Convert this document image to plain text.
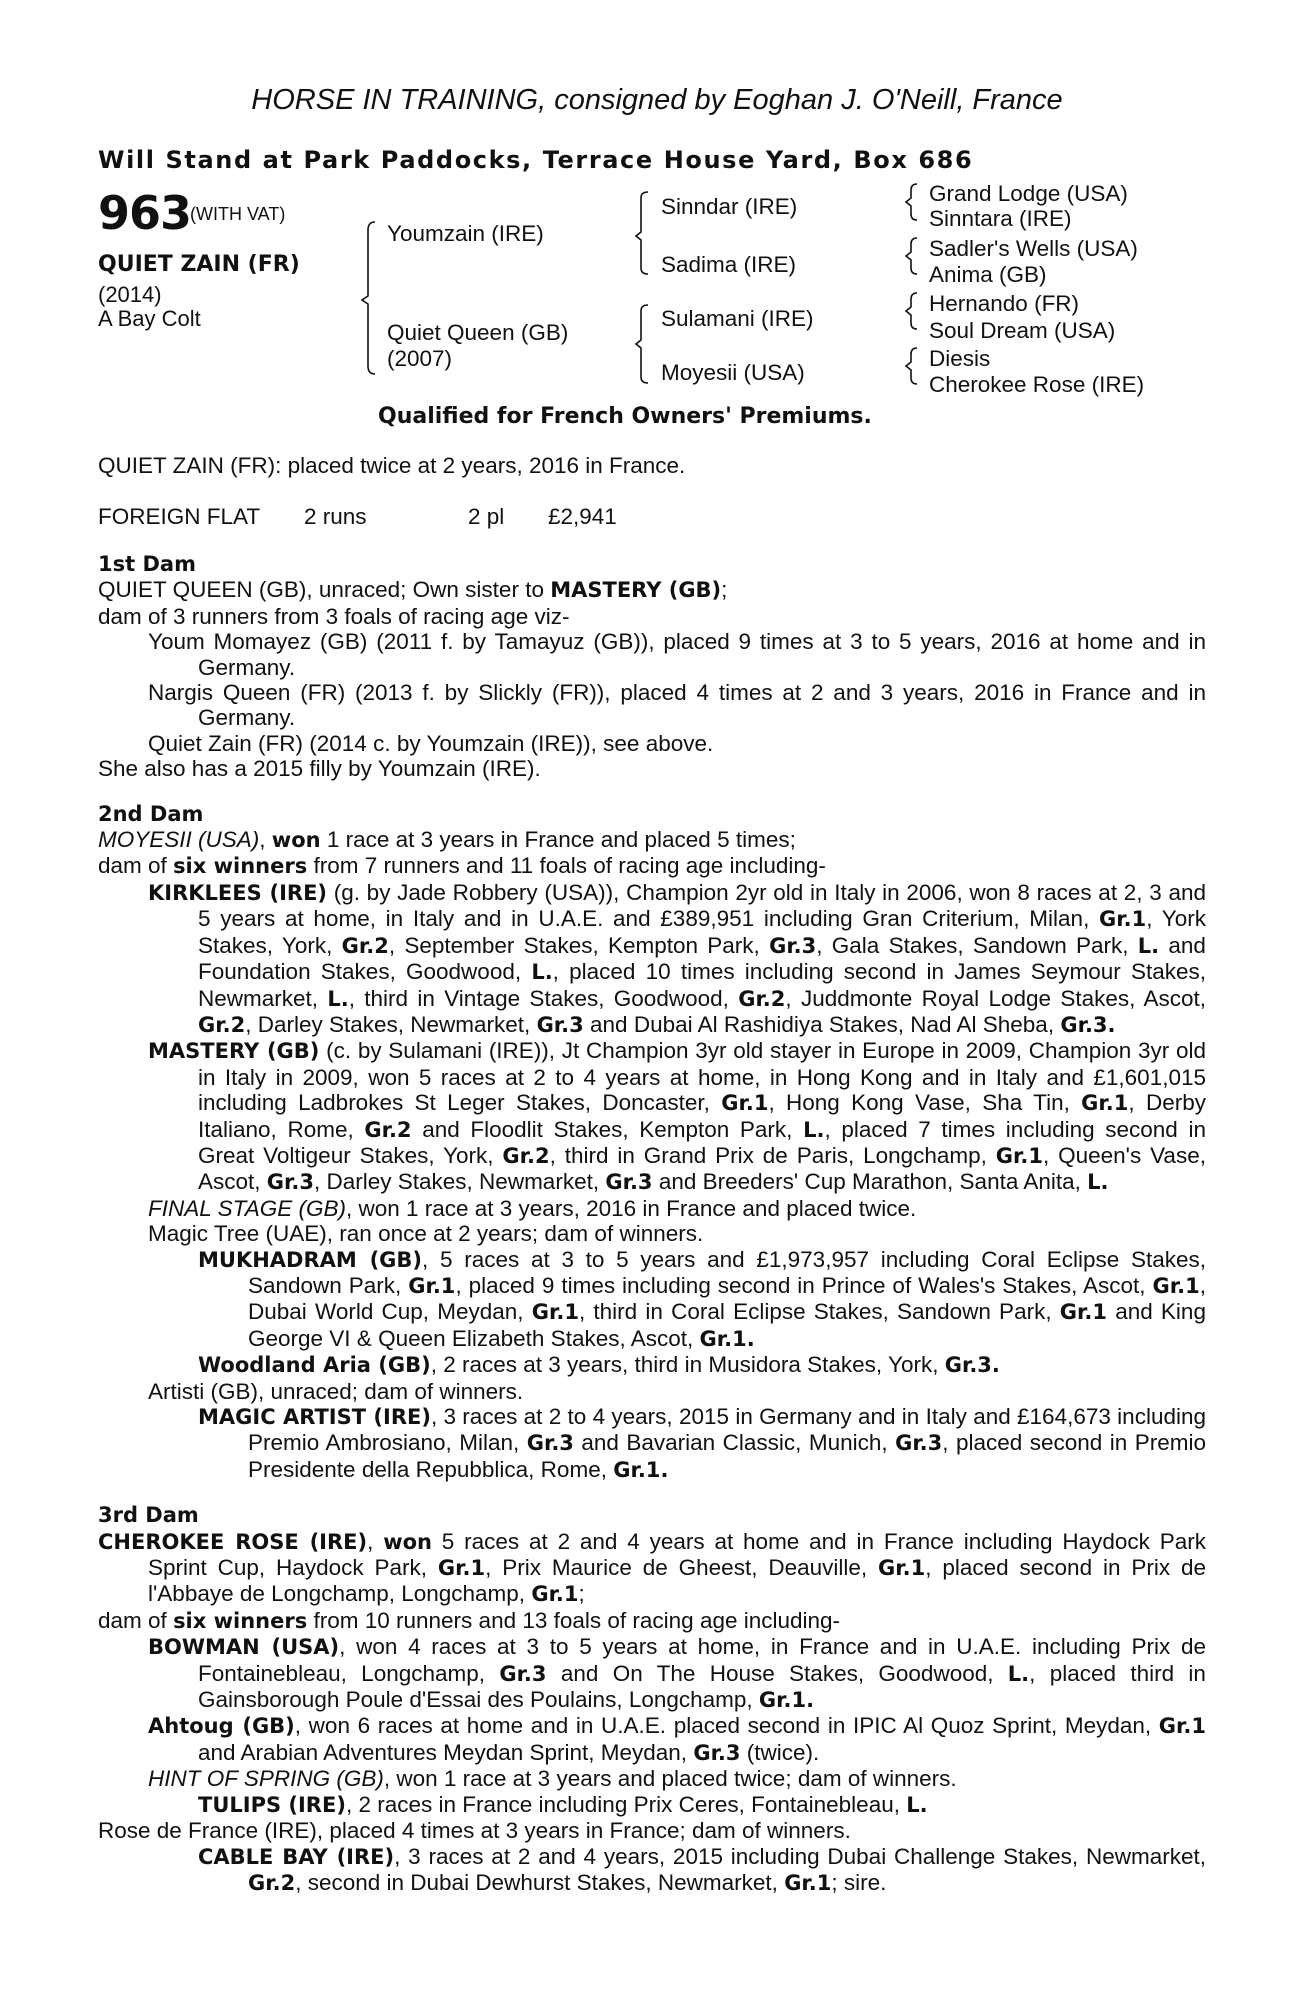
HORSE IN TRAINING, consigned by Eoghan J. O'Neill, France
Will Stand at Park Paddocks, Terrace House Yard, Box 686
963
(WITH VAT)
QUIET ZAIN (FR)
(2014)
A Bay Colt
Youmzain (IRE)
Quiet Queen (GB)
(2007)
Sinndar (IRE)
Sadima (IRE)
Sulamani (IRE)
Moyesii (USA)
Grand Lodge (USA)
Sinntara (IRE)
Sadler's Wells (USA)
Anima (GB)
Hernando (FR)
Soul Dream (USA)
Diesis
Cherokee Rose (IRE)
Qualified for French Owners' Premiums.
QUIET ZAIN (FR): placed twice at 2 years, 2016 in France.
FOREIGN FLAT 2 runs	2 pl £2,941
1st Dam
QUIET QUEEN (GB), unraced; Own sister to MASTERY (GB);
dam of 3 runners from 3 foals of racing age viz-
Youm Momayez (GB) (2011 f. by Tamayuz (GB)), placed 9 times at 3 to 5 years, 2016 at home and in Germany.
Nargis Queen (FR) (2013 f. by Slickly (FR)), placed 4 times at 2 and 3 years, 2016 in France and in Germany.
Quiet Zain (FR) (2014 c. by Youmzain (IRE)), see above.
She also has a 2015 filly by Youmzain (IRE).
2nd Dam
MOYESII (USA), won 1 race at 3 years in France and placed 5 times;
dam of six winners from 7 runners and 11 foals of racing age including-
KIRKLEES (IRE) (g. by Jade Robbery (USA)), Champion 2yr old in Italy in 2006, won 8 races at 2, 3 and 5 years at home, in Italy and in U.A.E. and £389,951 including Gran Criterium, Milan, Gr.1, York Stakes, York, Gr.2, September Stakes, Kempton Park, Gr.3, Gala Stakes, Sandown Park, L. and Foundation Stakes, Goodwood, L., placed 10 times including second in James Seymour Stakes, Newmarket, L., third in Vintage Stakes, Goodwood, Gr.2, Juddmonte Royal Lodge Stakes, Ascot, Gr.2, Darley Stakes, Newmarket, Gr.3 and Dubai Al Rashidiya Stakes, Nad Al Sheba, Gr.3.
MASTERY (GB) (c. by Sulamani (IRE)), Jt Champion 3yr old stayer in Europe in 2009, Champion 3yr old in Italy in 2009, won 5 races at 2 to 4 years at home, in Hong Kong and in Italy and £1,601,015 including Ladbrokes St Leger Stakes, Doncaster, Gr.1, Hong Kong Vase, Sha Tin, Gr.1, Derby Italiano, Rome, Gr.2 and Floodlit Stakes, Kempton Park, L., placed 7 times including second in Great Voltigeur Stakes, York, Gr.2, third in Grand Prix de Paris, Longchamp, Gr.1, Queen's Vase, Ascot, Gr.3, Darley Stakes, Newmarket, Gr.3 and Breeders' Cup Marathon, Santa Anita, L.
FINAL STAGE (GB), won 1 race at 3 years, 2016 in France and placed twice.
Magic Tree (UAE), ran once at 2 years; dam of winners.
MUKHADRAM (GB), 5 races at 3 to 5 years and £1,973,957 including Coral Eclipse Stakes, Sandown Park, Gr.1, placed 9 times including second in Prince of Wales's Stakes, Ascot, Gr.1, Dubai World Cup, Meydan, Gr.1, third in Coral Eclipse Stakes, Sandown Park, Gr.1 and King George VI & Queen Elizabeth Stakes, Ascot, Gr.1.
Woodland Aria (GB), 2 races at 3 years, third in Musidora Stakes, York, Gr.3.
Artisti (GB), unraced; dam of winners.
MAGIC ARTIST (IRE), 3 races at 2 to 4 years, 2015 in Germany and in Italy and £164,673 including Premio Ambrosiano, Milan, Gr.3 and Bavarian Classic, Munich, Gr.3, placed second in Premio Presidente della Repubblica, Rome, Gr.1.
3rd Dam
CHEROKEE ROSE (IRE), won 5 races at 2 and 4 years at home and in France including Haydock Park Sprint Cup, Haydock Park, Gr.1, Prix Maurice de Gheest, Deauville, Gr.1, placed second in Prix de l'Abbaye de Longchamp, Longchamp, Gr.1;
dam of six winners from 10 runners and 13 foals of racing age including-
BOWMAN (USA), won 4 races at 3 to 5 years at home, in France and in U.A.E. including Prix de Fontainebleau, Longchamp, Gr.3 and On The House Stakes, Goodwood, L., placed third in Gainsborough Poule d'Essai des Poulains, Longchamp, Gr.1.
Ahtoug (GB), won 6 races at home and in U.A.E. placed second in IPIC Al Quoz Sprint, Meydan, Gr.1 and Arabian Adventures Meydan Sprint, Meydan, Gr.3 (twice).
HINT OF SPRING (GB), won 1 race at 3 years and placed twice; dam of winners.
TULIPS (IRE), 2 races in France including Prix Ceres, Fontainebleau, L.
Rose de France (IRE), placed 4 times at 3 years in France; dam of winners.
CABLE BAY (IRE), 3 races at 2 and 4 years, 2015 including Dubai Challenge Stakes, Newmarket, Gr.2, second in Dubai Dewhurst Stakes, Newmarket, Gr.1; sire.
